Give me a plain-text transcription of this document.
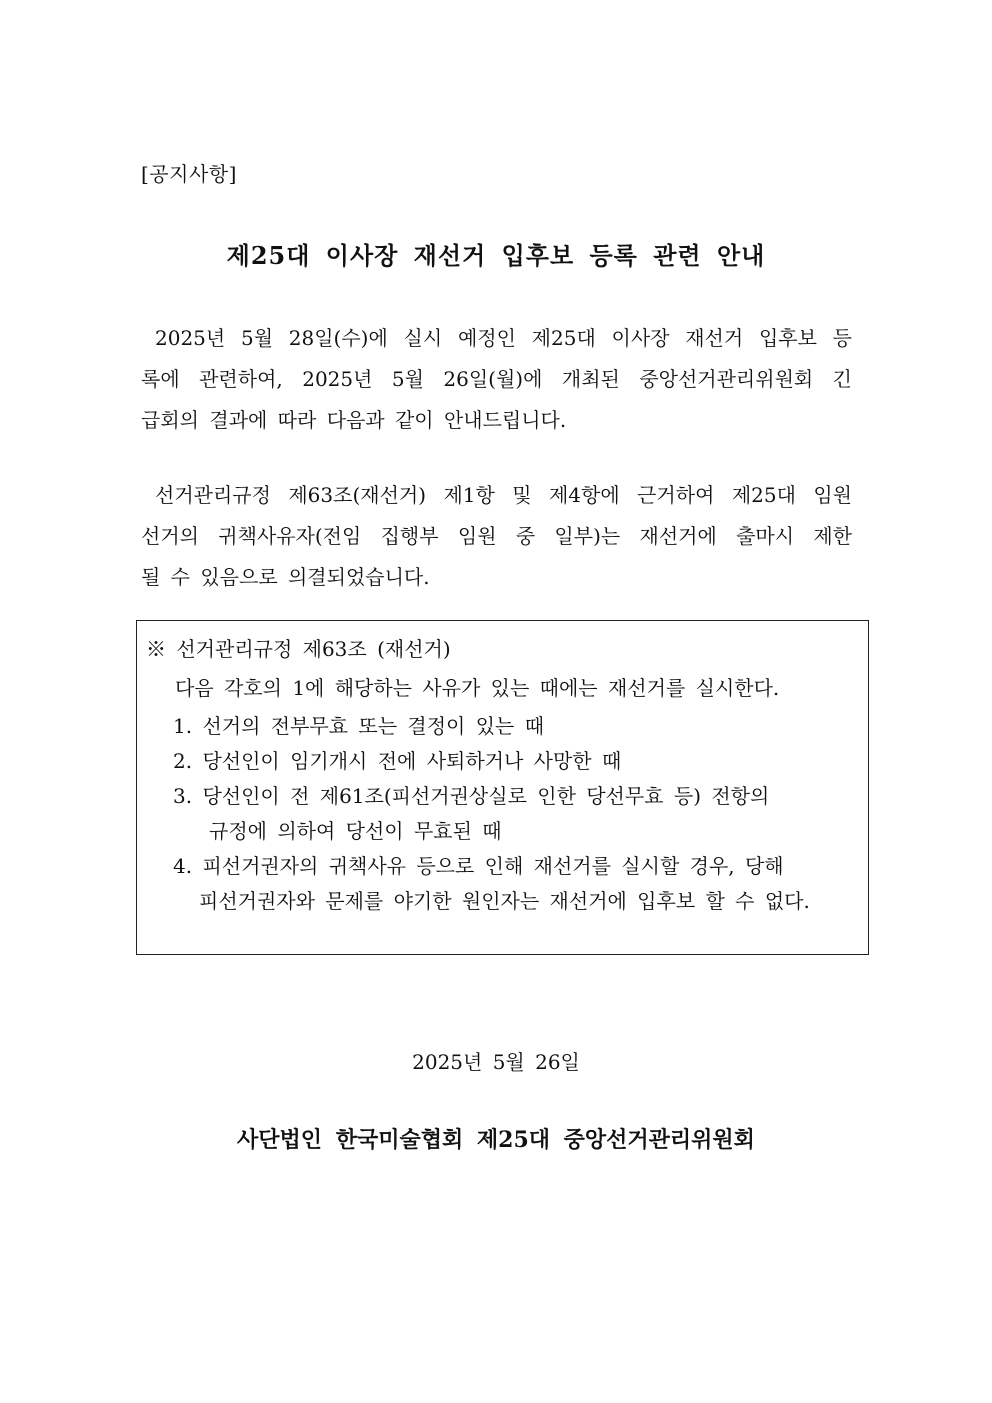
[공지사항]
제25대 이사장 재선거 입후보 등록 관련 안내
2025년 5월 28일(수)에 실시 예정인 제25대 이사장 재선거 입후보 등
록에 관련하여, 2025년 5월 26일(월)에 개최된 중앙선거관리위원회 긴
급회의 결과에 따라 다음과 같이 안내드립니다.
선거관리규정 제63조(재선거) 제1항 및 제4항에 근거하여 제25대 임원
선거의 귀책사유자(전임 집행부 임원 중 일부)는 재선거에 출마시 제한
될 수 있음으로 의결되었습니다.
※ 선거관리규정 제63조 (재선거)
다음 각호의 1에 해당하는 사유가 있는 때에는 재선거를 실시한다.
1. 선거의 전부무효 또는 결정이 있는 때
2. 당선인이 임기개시 전에 사퇴하거나 사망한 때
3. 당선인이 전 제61조(피선거권상실로 인한 당선무효 등) 전항의
규정에 의하여 당선이 무효된 때
4. 피선거권자의 귀책사유 등으로 인해 재선거를 실시할 경우, 당해
피선거권자와 문제를 야기한 원인자는 재선거에 입후보 할 수 없다.
2025년 5월 26일
사단법인 한국미술협회 제25대 중앙선거관리위원회
